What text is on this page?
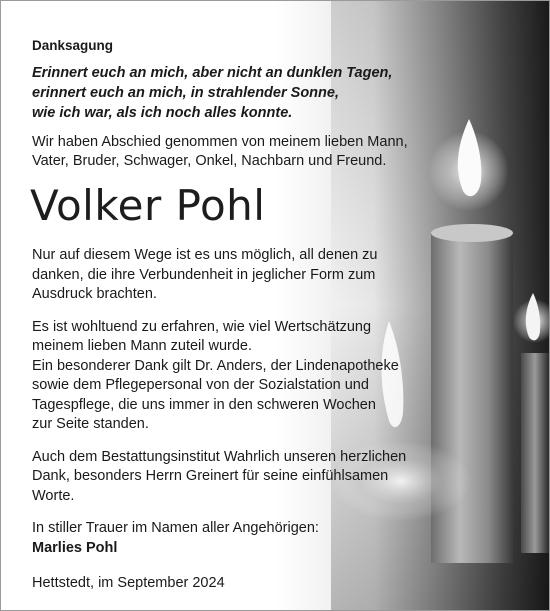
Danksagung

Erinnert euch an mich, aber nicht an dunklen Tagen,
erinnert euch an mich, in strahlender Sonne,
wie ich war, als ich noch alles konnte.
Wir haben Abschied genommen von meinem lieben Mann,
Vater, Bruder, Schwager, Onkel, Nachbarn und Freund.
Volker Pohl
Nur auf diesem Wege ist es uns möglich, all denen zu
danken, die ihre Verbundenheit in jeglicher Form zum
Ausdruck brachten.
Es ist wohltuend zu erfahren, wie viel Wertschätzung
meinem lieben Mann zuteil wurde.
Ein besonderer Dank gilt Dr. Anders, der Lindenapotheke
sowie dem Pflegepersonal von der Sozialstation und
Tagespflege, die uns immer in den schweren Wochen
zur Seite standen.
Auch dem Bestattungsinstitut Wahrlich unseren herzlichen
Dank, besonders Herrn Greinert für seine einfühlsamen
Worte.
In stiller Trauer im Namen aller Angehörigen:
Marlies Pohl
Hettstedt, im September 2024
